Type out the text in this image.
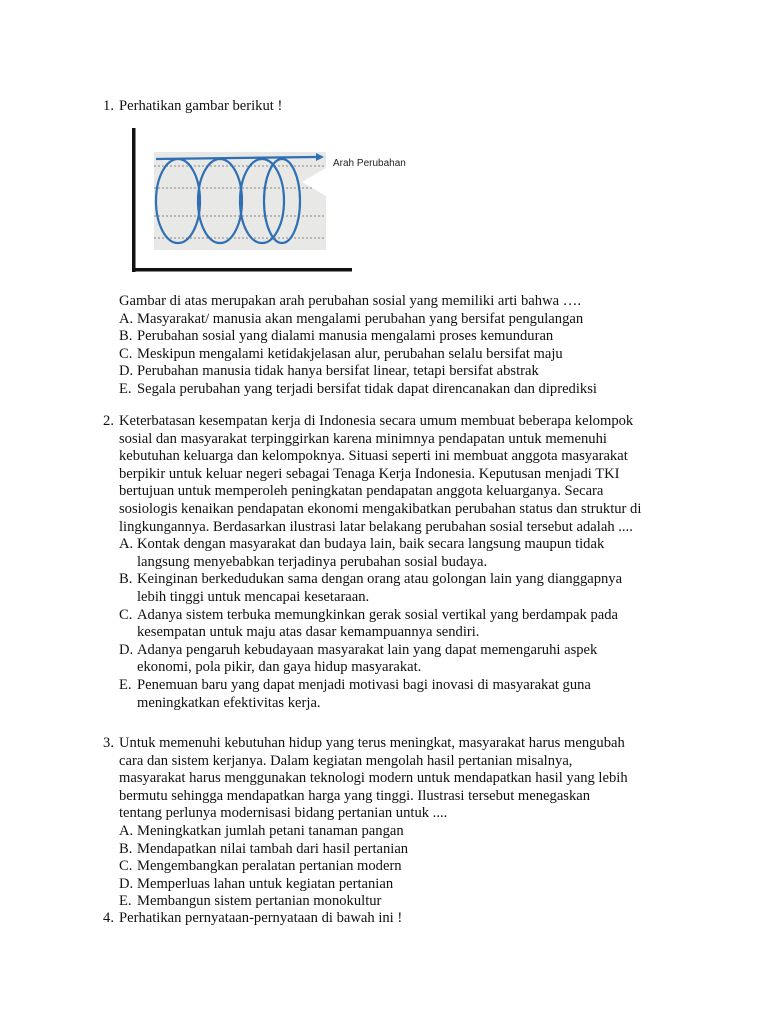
1. Perhatikan gambar berikut !
Arah Perubahan
Gambar di atas merupakan arah perubahan sosial yang memiliki arti bahwa ….
A. Masyarakat/ manusia akan mengalami perubahan yang bersifat pengulangan
B. Perubahan sosial yang dialami manusia mengalami proses kemunduran
C. Meskipun mengalami ketidakjelasan alur, perubahan selalu bersifat maju
D. Perubahan manusia tidak hanya bersifat linear, tetapi bersifat abstrak
E. Segala perubahan yang terjadi bersifat tidak dapat direncanakan dan diprediksi
2. Keterbatasan kesempatan kerja di Indonesia secara umum membuat beberapa kelompok
sosial dan masyarakat terpinggirkan karena minimnya pendapatan untuk memenuhi
kebutuhan keluarga dan kelompoknya. Situasi seperti ini membuat anggota masyarakat
berpikir untuk keluar negeri sebagai Tenaga Kerja Indonesia. Keputusan menjadi TKI
bertujuan untuk memperoleh peningkatan pendapatan anggota keluarganya. Secara
sosiologis kenaikan pendapatan ekonomi mengakibatkan perubahan status dan struktur di
lingkungannya. Berdasarkan ilustrasi latar belakang perubahan sosial tersebut adalah ....
A. Kontak dengan masyarakat dan budaya lain, baik secara langsung maupun tidak
langsung menyebabkan terjadinya perubahan sosial budaya.
B. Keinginan berkedudukan sama dengan orang atau golongan lain yang dianggapnya
lebih tinggi untuk mencapai kesetaraan.
C. Adanya sistem terbuka memungkinkan gerak sosial vertikal yang berdampak pada
kesempatan untuk maju atas dasar kemampuannya sendiri.
D. Adanya pengaruh kebudayaan masyarakat lain yang dapat memengaruhi aspek
ekonomi, pola pikir, dan gaya hidup masyarakat.
E. Penemuan baru yang dapat menjadi motivasi bagi inovasi di masyarakat guna
meningkatkan efektivitas kerja.
3. Untuk memenuhi kebutuhan hidup yang terus meningkat, masyarakat harus mengubah
cara dan sistem kerjanya. Dalam kegiatan mengolah hasil pertanian misalnya,
masyarakat harus menggunakan teknologi modern untuk mendapatkan hasil yang lebih
bermutu sehingga mendapatkan harga yang tinggi. Ilustrasi tersebut menegaskan
tentang perlunya modernisasi bidang pertanian untuk ....
A. Meningkatkan jumlah petani tanaman pangan
B. Mendapatkan nilai tambah dari hasil pertanian
C. Mengembangkan peralatan pertanian modern
D. Memperluas lahan untuk kegiatan pertanian
E. Membangun sistem pertanian monokultur
4. Perhatikan pernyataan-pernyataan di bawah ini !
